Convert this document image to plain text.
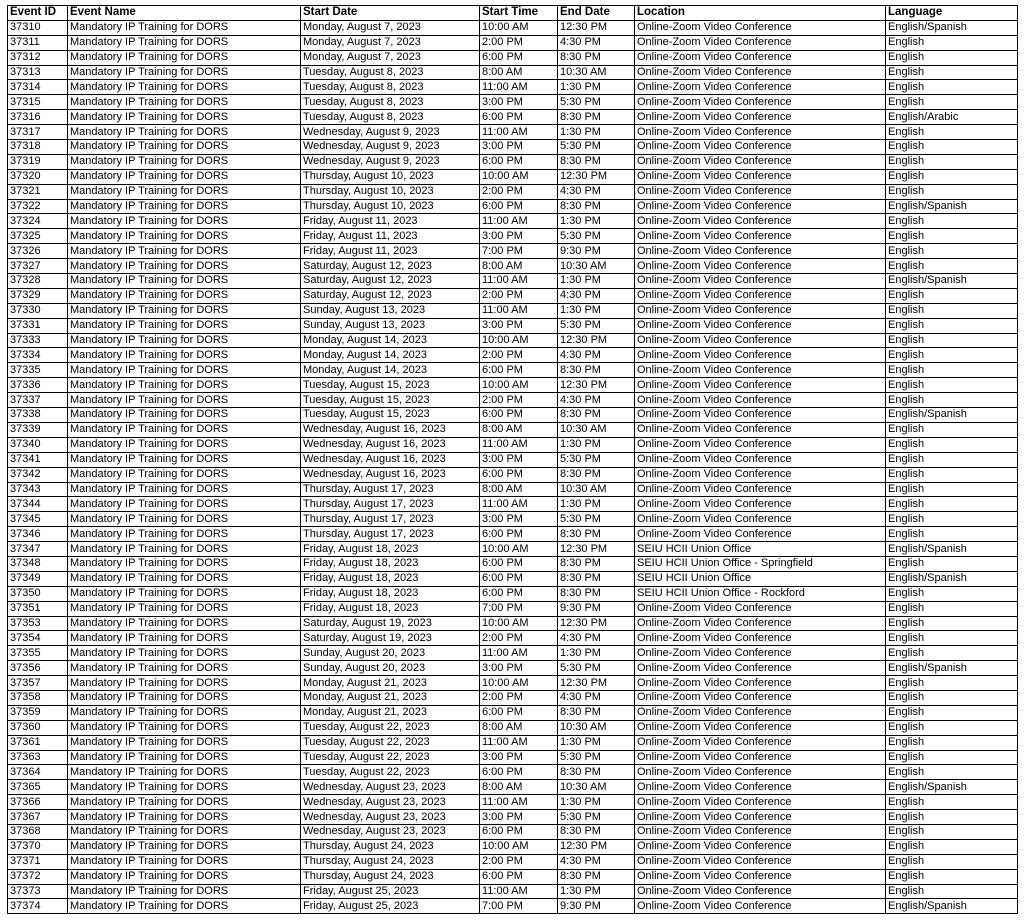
Event ID	Event Name	Start Date	Start Time	End Date	Location	Language
37310	Mandatory IP Training for DORS	Monday, August 7, 2023	10:00 AM	12:30 PM	Online-Zoom Video Conference	English/Spanish
37311	Mandatory IP Training for DORS	Monday, August 7, 2023	2:00 PM	4:30 PM	Online-Zoom Video Conference	English
37312	Mandatory IP Training for DORS	Monday, August 7, 2023	6:00 PM	8:30 PM	Online-Zoom Video Conference	English
37313	Mandatory IP Training for DORS	Tuesday, August 8, 2023	8:00 AM	10:30 AM	Online-Zoom Video Conference	English
37314	Mandatory IP Training for DORS	Tuesday, August 8, 2023	11:00 AM	1:30 PM	Online-Zoom Video Conference	English
37315	Mandatory IP Training for DORS	Tuesday, August 8, 2023	3:00 PM	5:30 PM	Online-Zoom Video Conference	English
37316	Mandatory IP Training for DORS	Tuesday, August 8, 2023	6:00 PM	8:30 PM	Online-Zoom Video Conference	English/Arabic
37317	Mandatory IP Training for DORS	Wednesday, August 9, 2023	11:00 AM	1:30 PM	Online-Zoom Video Conference	English
37318	Mandatory IP Training for DORS	Wednesday, August 9, 2023	3:00 PM	5:30 PM	Online-Zoom Video Conference	English
37319	Mandatory IP Training for DORS	Wednesday, August 9, 2023	6:00 PM	8:30 PM	Online-Zoom Video Conference	English
37320	Mandatory IP Training for DORS	Thursday, August 10, 2023	10:00 AM	12:30 PM	Online-Zoom Video Conference	English
37321	Mandatory IP Training for DORS	Thursday, August 10, 2023	2:00 PM	4:30 PM	Online-Zoom Video Conference	English
37322	Mandatory IP Training for DORS	Thursday, August 10, 2023	6:00 PM	8:30 PM	Online-Zoom Video Conference	English/Spanish
37324	Mandatory IP Training for DORS	Friday, August 11, 2023	11:00 AM	1:30 PM	Online-Zoom Video Conference	English
37325	Mandatory IP Training for DORS	Friday, August 11, 2023	3:00 PM	5:30 PM	Online-Zoom Video Conference	English
37326	Mandatory IP Training for DORS	Friday, August 11, 2023	7:00 PM	9:30 PM	Online-Zoom Video Conference	English
37327	Mandatory IP Training for DORS	Saturday, August 12, 2023	8:00 AM	10:30 AM	Online-Zoom Video Conference	English
37328	Mandatory IP Training for DORS	Saturday, August 12, 2023	11:00 AM	1:30 PM	Online-Zoom Video Conference	English/Spanish
37329	Mandatory IP Training for DORS	Saturday, August 12, 2023	2:00 PM	4:30 PM	Online-Zoom Video Conference	English
37330	Mandatory IP Training for DORS	Sunday, August 13, 2023	11:00 AM	1:30 PM	Online-Zoom Video Conference	English
37331	Mandatory IP Training for DORS	Sunday, August 13, 2023	3:00 PM	5:30 PM	Online-Zoom Video Conference	English
37333	Mandatory IP Training for DORS	Monday, August 14, 2023	10:00 AM	12:30 PM	Online-Zoom Video Conference	English
37334	Mandatory IP Training for DORS	Monday, August 14, 2023	2:00 PM	4:30 PM	Online-Zoom Video Conference	English
37335	Mandatory IP Training for DORS	Monday, August 14, 2023	6:00 PM	8:30 PM	Online-Zoom Video Conference	English
37336	Mandatory IP Training for DORS	Tuesday, August 15, 2023	10:00 AM	12:30 PM	Online-Zoom Video Conference	English
37337	Mandatory IP Training for DORS	Tuesday, August 15, 2023	2:00 PM	4:30 PM	Online-Zoom Video Conference	English
37338	Mandatory IP Training for DORS	Tuesday, August 15, 2023	6:00 PM	8:30 PM	Online-Zoom Video Conference	English/Spanish
37339	Mandatory IP Training for DORS	Wednesday, August 16, 2023	8:00 AM	10:30 AM	Online-Zoom Video Conference	English
37340	Mandatory IP Training for DORS	Wednesday, August 16, 2023	11:00 AM	1:30 PM	Online-Zoom Video Conference	English
37341	Mandatory IP Training for DORS	Wednesday, August 16, 2023	3:00 PM	5:30 PM	Online-Zoom Video Conference	English
37342	Mandatory IP Training for DORS	Wednesday, August 16, 2023	6:00 PM	8:30 PM	Online-Zoom Video Conference	English
37343	Mandatory IP Training for DORS	Thursday, August 17, 2023	8:00 AM	10:30 AM	Online-Zoom Video Conference	English
37344	Mandatory IP Training for DORS	Thursday, August 17, 2023	11:00 AM	1:30 PM	Online-Zoom Video Conference	English
37345	Mandatory IP Training for DORS	Thursday, August 17, 2023	3:00 PM	5:30 PM	Online-Zoom Video Conference	English
37346	Mandatory IP Training for DORS	Thursday, August 17, 2023	6:00 PM	8:30 PM	Online-Zoom Video Conference	English
37347	Mandatory IP Training for DORS	Friday, August 18, 2023	10:00 AM	12:30 PM	SEIU HCII Union Office	English/Spanish
37348	Mandatory IP Training for DORS	Friday, August 18, 2023	6:00 PM	8:30 PM	SEIU HCII Union Office - Springfield	English
37349	Mandatory IP Training for DORS	Friday, August 18, 2023	6:00 PM	8:30 PM	SEIU HCII Union Office	English/Spanish
37350	Mandatory IP Training for DORS	Friday, August 18, 2023	6:00 PM	8:30 PM	SEIU HCII Union Office - Rockford	English
37351	Mandatory IP Training for DORS	Friday, August 18, 2023	7:00 PM	9:30 PM	Online-Zoom Video Conference	English
37353	Mandatory IP Training for DORS	Saturday, August 19, 2023	10:00 AM	12:30 PM	Online-Zoom Video Conference	English
37354	Mandatory IP Training for DORS	Saturday, August 19, 2023	2:00 PM	4:30 PM	Online-Zoom Video Conference	English
37355	Mandatory IP Training for DORS	Sunday, August 20, 2023	11:00 AM	1:30 PM	Online-Zoom Video Conference	English
37356	Mandatory IP Training for DORS	Sunday, August 20, 2023	3:00 PM	5:30 PM	Online-Zoom Video Conference	English/Spanish
37357	Mandatory IP Training for DORS	Monday, August 21, 2023	10:00 AM	12:30 PM	Online-Zoom Video Conference	English
37358	Mandatory IP Training for DORS	Monday, August 21, 2023	2:00 PM	4:30 PM	Online-Zoom Video Conference	English
37359	Mandatory IP Training for DORS	Monday, August 21, 2023	6:00 PM	8:30 PM	Online-Zoom Video Conference	English
37360	Mandatory IP Training for DORS	Tuesday, August 22, 2023	8:00 AM	10:30 AM	Online-Zoom Video Conference	English
37361	Mandatory IP Training for DORS	Tuesday, August 22, 2023	11:00 AM	1:30 PM	Online-Zoom Video Conference	English
37363	Mandatory IP Training for DORS	Tuesday, August 22, 2023	3:00 PM	5:30 PM	Online-Zoom Video Conference	English
37364	Mandatory IP Training for DORS	Tuesday, August 22, 2023	6:00 PM	8:30 PM	Online-Zoom Video Conference	English
37365	Mandatory IP Training for DORS	Wednesday, August 23, 2023	8:00 AM	10:30 AM	Online-Zoom Video Conference	English/Spanish
37366	Mandatory IP Training for DORS	Wednesday, August 23, 2023	11:00 AM	1:30 PM	Online-Zoom Video Conference	English
37367	Mandatory IP Training for DORS	Wednesday, August 23, 2023	3:00 PM	5:30 PM	Online-Zoom Video Conference	English
37368	Mandatory IP Training for DORS	Wednesday, August 23, 2023	6:00 PM	8:30 PM	Online-Zoom Video Conference	English
37370	Mandatory IP Training for DORS	Thursday, August 24, 2023	10:00 AM	12:30 PM	Online-Zoom Video Conference	English
37371	Mandatory IP Training for DORS	Thursday, August 24, 2023	2:00 PM	4:30 PM	Online-Zoom Video Conference	English
37372	Mandatory IP Training for DORS	Thursday, August 24, 2023	6:00 PM	8:30 PM	Online-Zoom Video Conference	English
37373	Mandatory IP Training for DORS	Friday, August 25, 2023	11:00 AM	1:30 PM	Online-Zoom Video Conference	English
37374	Mandatory IP Training for DORS	Friday, August 25, 2023	7:00 PM	9:30 PM	Online-Zoom Video Conference	English/Spanish
